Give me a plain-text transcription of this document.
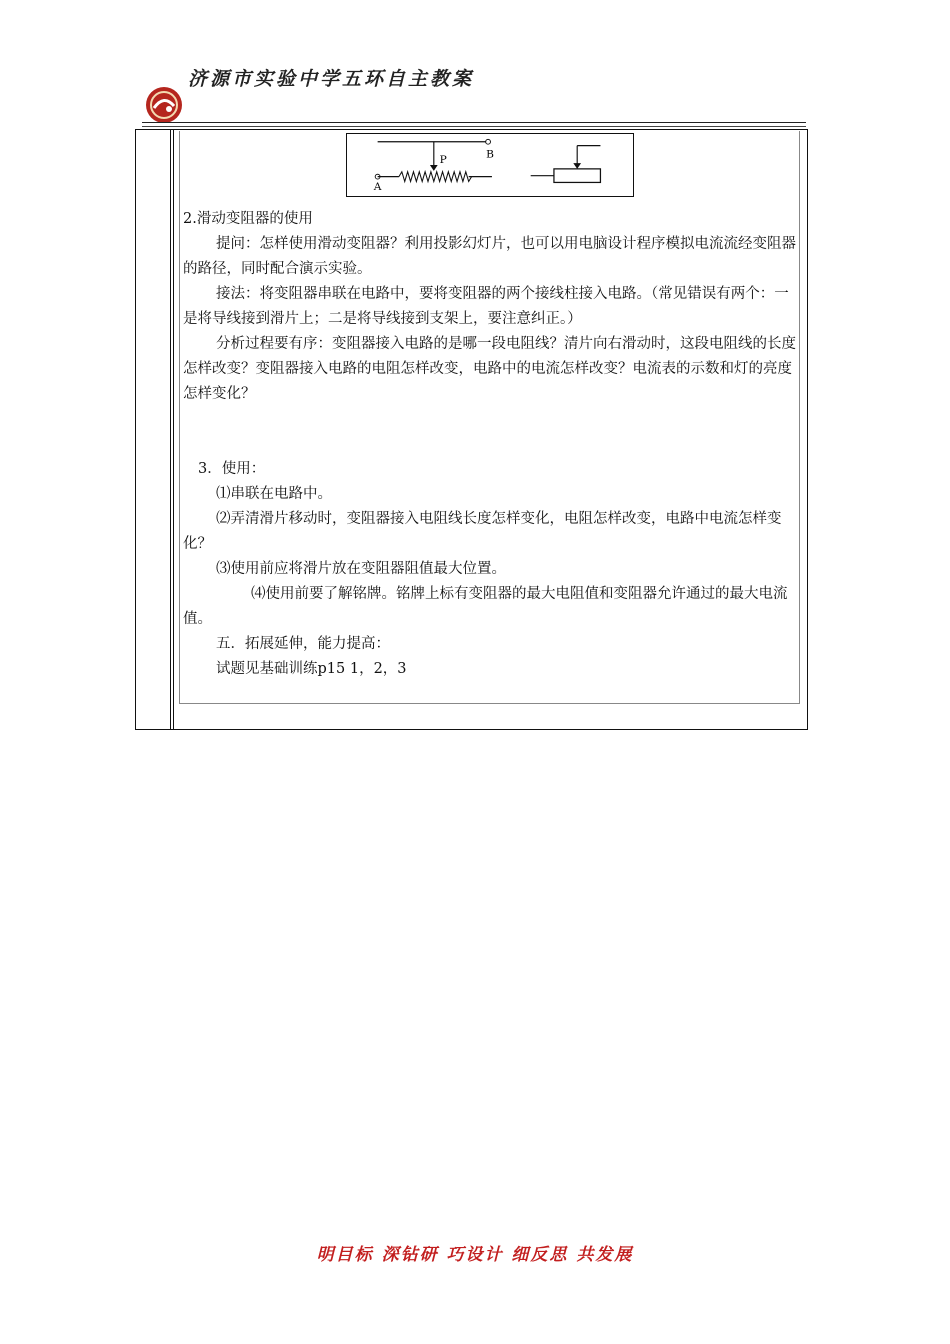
济源市实验中学五环自主教案
B
P
A

2.滑动变阻器的使用

提问：怎样使用滑动变阻器？利用投影幻灯片，也可以用电脑设计程序模拟电流流经变阻器的路径，同时配合演示实验。

接法：将变阻器串联在电路中，要将变阻器的两个接线柱接入电路。（常见错误有两个：一是将导线接到滑片上；二是将导线接到支架上，要注意纠正。）

分析过程要有序：变阻器接入电路的是哪一段电阻线？清片向右滑动时，这段电阻线的长度怎样改变？变阻器接入电路的电阻怎样改变，电路中的电流怎样改变？电流表的示数和灯的亮度怎样变化？

3．使用：

⑴串联在电路中。

⑵弄清滑片移动时，变阻器接入电阻线长度怎样变化，电阻怎样改变，电路中电流怎样变化？

⑶使用前应将滑片放在变阻器阻值最大位置。

⑷使用前要了解铭牌。铭牌上标有变阻器的最大电阻值和变阻器允许通过的最大电流值。

五．拓展延伸，能力提高：

试题见基础训练p15 1，2，3

明目标 深钻研 巧设计 细反思 共发展
